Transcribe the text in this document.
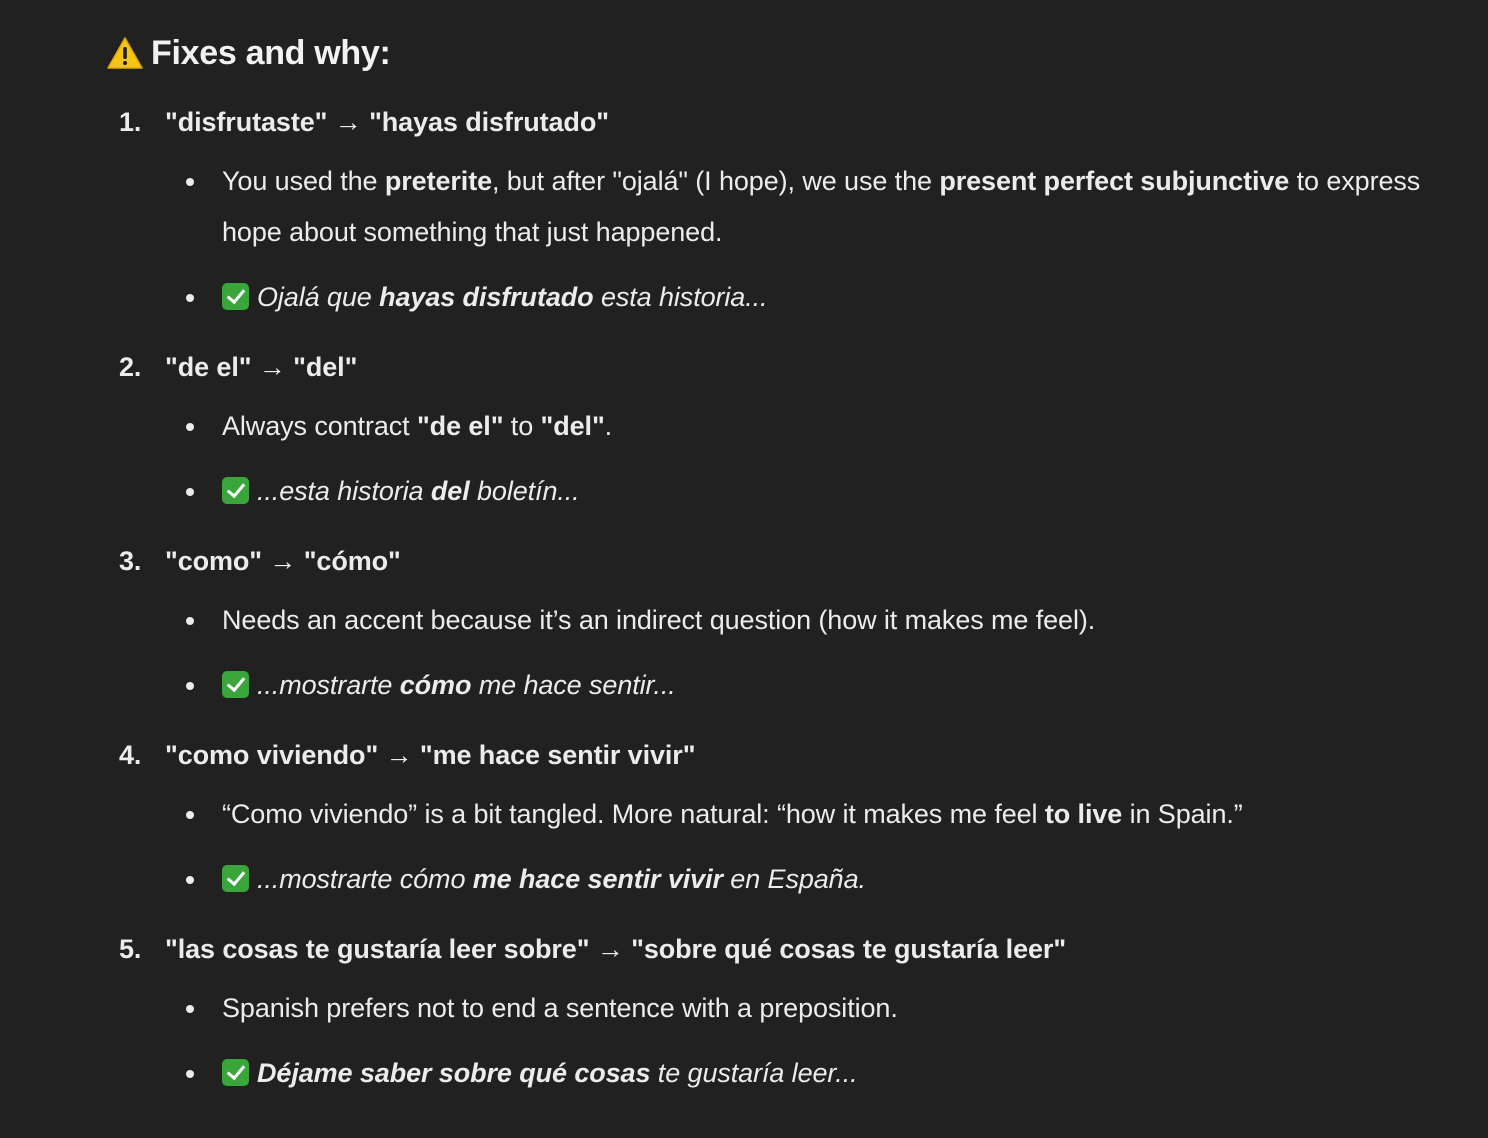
Fixes and why:
1. "disfrutaste" → "hayas disfrutado"
You used the preterite, but after "ojalá" (I hope), we use the present perfect subjunctive to express hope about something that just happened.
Ojalá que hayas disfrutado esta historia...
2. "de el" → "del"
Always contract "de el" to "del".
...esta historia del boletín...
3. "como" → "cómo"
Needs an accent because it’s an indirect question (how it makes me feel).
...mostrarte cómo me hace sentir...
4. "como viviendo" → "me hace sentir vivir"
“Como viviendo” is a bit tangled. More natural: “how it makes me feel to live in Spain.”
...mostrarte cómo me hace sentir vivir en España.
5. "las cosas te gustaría leer sobre" → "sobre qué cosas te gustaría leer"
Spanish prefers not to end a sentence with a preposition.
Déjame saber sobre qué cosas te gustaría leer...
